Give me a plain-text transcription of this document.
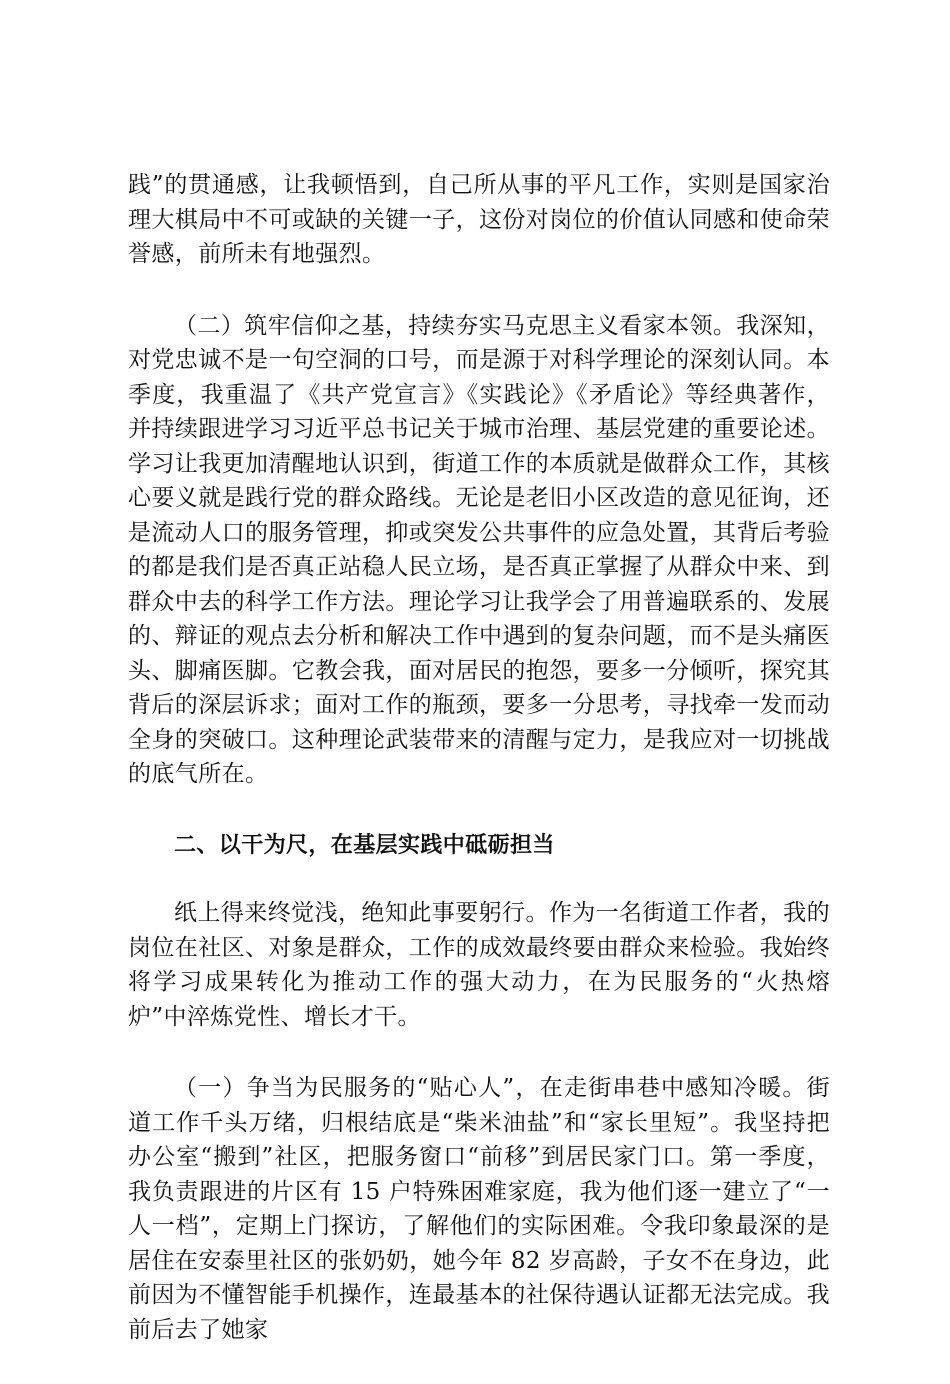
践”的贯通感，让我顿悟到，自己所从事的平凡工作，实则是国家治理大棋局中不可或缺的关键一子，这份对岗位的价值认同感和使命荣誉感，前所未有地强烈。

（二）筑牢信仰之基，持续夯实马克思主义看家本领。我深知，对党忠诚不是一句空洞的口号，而是源于对科学理论的深刻认同。本季度，我重温了《共产党宣言》《实践论》《矛盾论》等经典著作，并持续跟进学习习近平总书记关于城市治理、基层党建的重要论述。学习让我更加清醒地认识到，街道工作的本质就是做群众工作，其核心要义就是践行党的群众路线。无论是老旧小区改造的意见征询，还是流动人口的服务管理，抑或突发公共事件的应急处置，其背后考验的都是我们是否真正站稳人民立场，是否真正掌握了从群众中来、到群众中去的科学工作方法。理论学习让我学会了用普遍联系的、发展的、辩证的观点去分析和解决工作中遇到的复杂问题，而不是头痛医头、脚痛医脚。它教会我，面对居民的抱怨，要多一分倾听，探究其背后的深层诉求；面对工作的瓶颈，要多一分思考，寻找牵一发而动全身的突破口。这种理论武装带来的清醒与定力，是我应对一切挑战的底气所在。

二、以干为尺，在基层实践中砥砺担当

纸上得来终觉浅，绝知此事要躬行。作为一名街道工作者，我的岗位在社区、对象是群众，工作的成效最终要由群众来检验。我始终将学习成果转化为推动工作的强大动力，在为民服务的“火热熔炉”中淬炼党性、增长才干。

（一）争当为民服务的“贴心人”，在走街串巷中感知冷暖。街道工作千头万绪，归根结底是“柴米油盐”和“家长里短”。我坚持把办公室“搬到”社区，把服务窗口“前移”到居民家门口。第一季度，我负责跟进的片区有 15 户特殊困难家庭，我为他们逐一建立了“一人一档”，定期上门探访，了解他们的实际困难。令我印象最深的是居住在安泰里社区的张奶奶，她今年 82 岁高龄，子女不在身边，此前因为不懂智能手机操作，连最基本的社保待遇认证都无法完成。我前后去了她家
